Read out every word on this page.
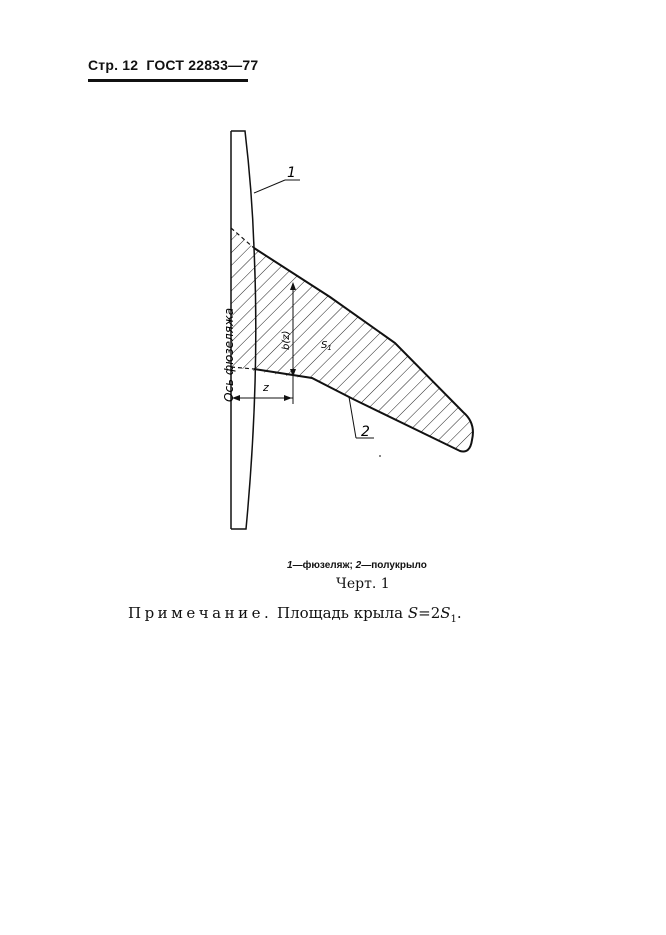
Стр. 12 ГОСТ 22833—77
1
2
Ось фюзеляжа	b(z)	$S_1$
z
1—фюзеляж; 2—полукрыло
Черт. 1
Примечание. Площадь крыла $S=2S_1$.
